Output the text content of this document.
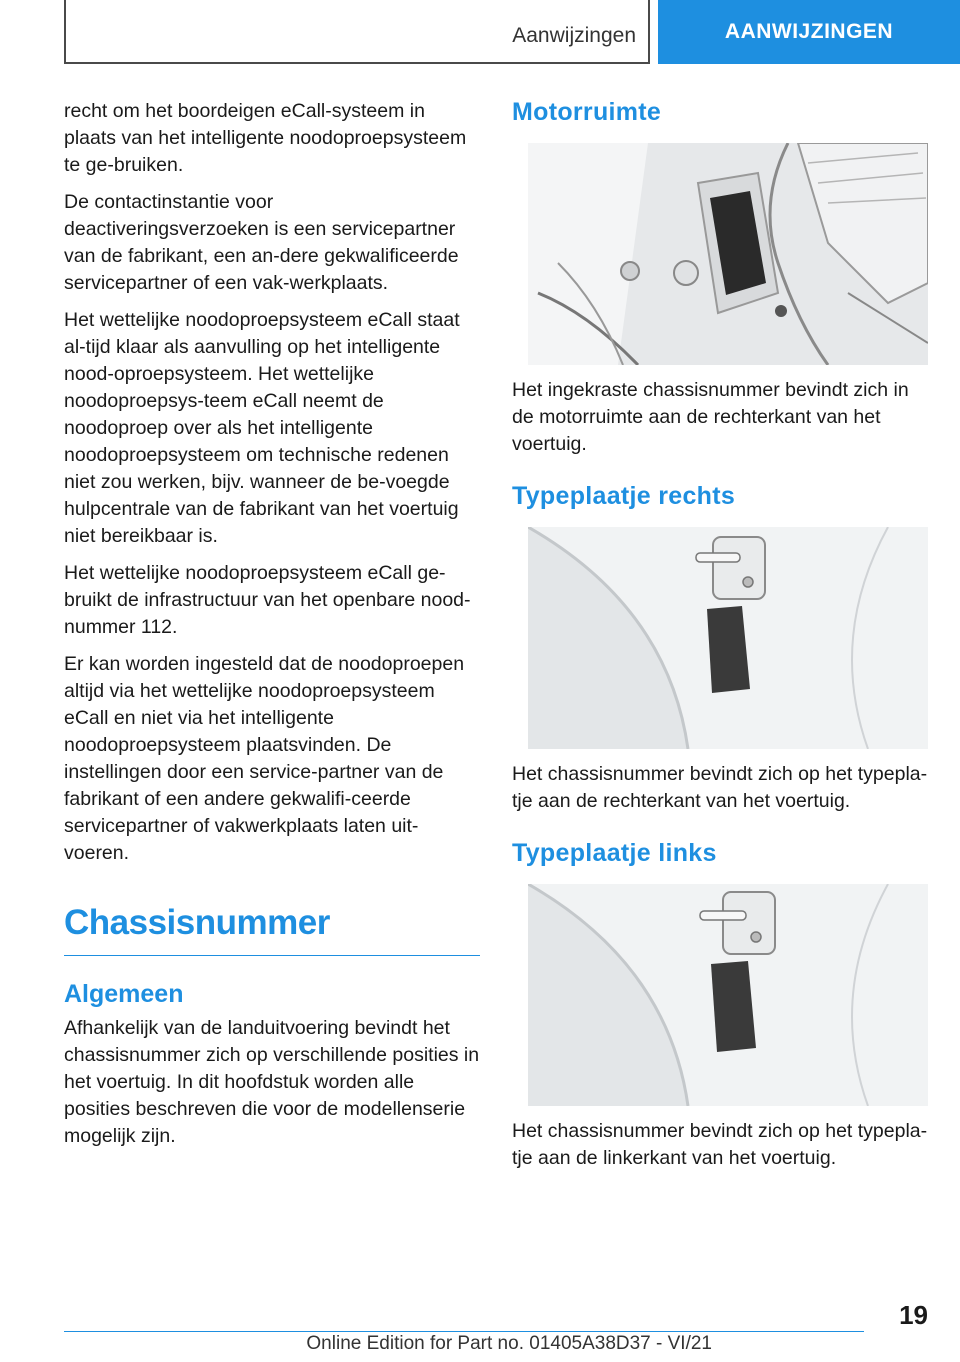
Aanwijzingen	AANWIJZINGEN

recht om het boordeigen eCall-systeem in plaats van het intelligente noodoproepsysteem te ge-bruiken.

De contactinstantie voor deactiveringsverzoeken is een servicepartner van de fabrikant, een an-dere gekwalificeerde servicepartner of een vak-werkplaats.

Het wettelijke noodoproepsysteem eCall staat al-tijd klaar als aanvulling op het intelligente nood-oproepsysteem. Het wettelijke noodoproepsys-teem eCall neemt de noodoproep over als het intelligente noodoproepsysteem om technische redenen niet zou werken, bijv. wanneer de be-voegde hulpcentrale van de fabrikant van het voertuig niet bereikbaar is.

Het wettelijke noodoproepsysteem eCall ge-bruikt de infrastructuur van het openbare nood-nummer 112.

Er kan worden ingesteld dat de noodoproepen altijd via het wettelijke noodoproepsysteem eCall en niet via het intelligente noodoproepsysteem plaatsvinden. De instellingen door een service-partner van de fabrikant of een andere gekwalifi-ceerde servicepartner of vakwerkplaats laten uit-voeren.

Chassisnummer
Algemeen

Afhankelijk van de landuitvoering bevindt het chassisnummer zich op verschillende posities in het voertuig. In dit hoofdstuk worden alle posities beschreven die voor de modellenserie mogelijk zijn.

Motorruimte

Het ingekraste chassisnummer bevindt zich in de motorruimte aan de rechterkant van het voertuig.

Typeplaatje rechts

Het chassisnummer bevindt zich op het typepla-tje aan de rechterkant van het voertuig.

Typeplaatje links

Het chassisnummer bevindt zich op het typepla-tje aan de linkerkant van het voertuig.

19
Online Edition for Part no. 01405A38D37 - VI/21
